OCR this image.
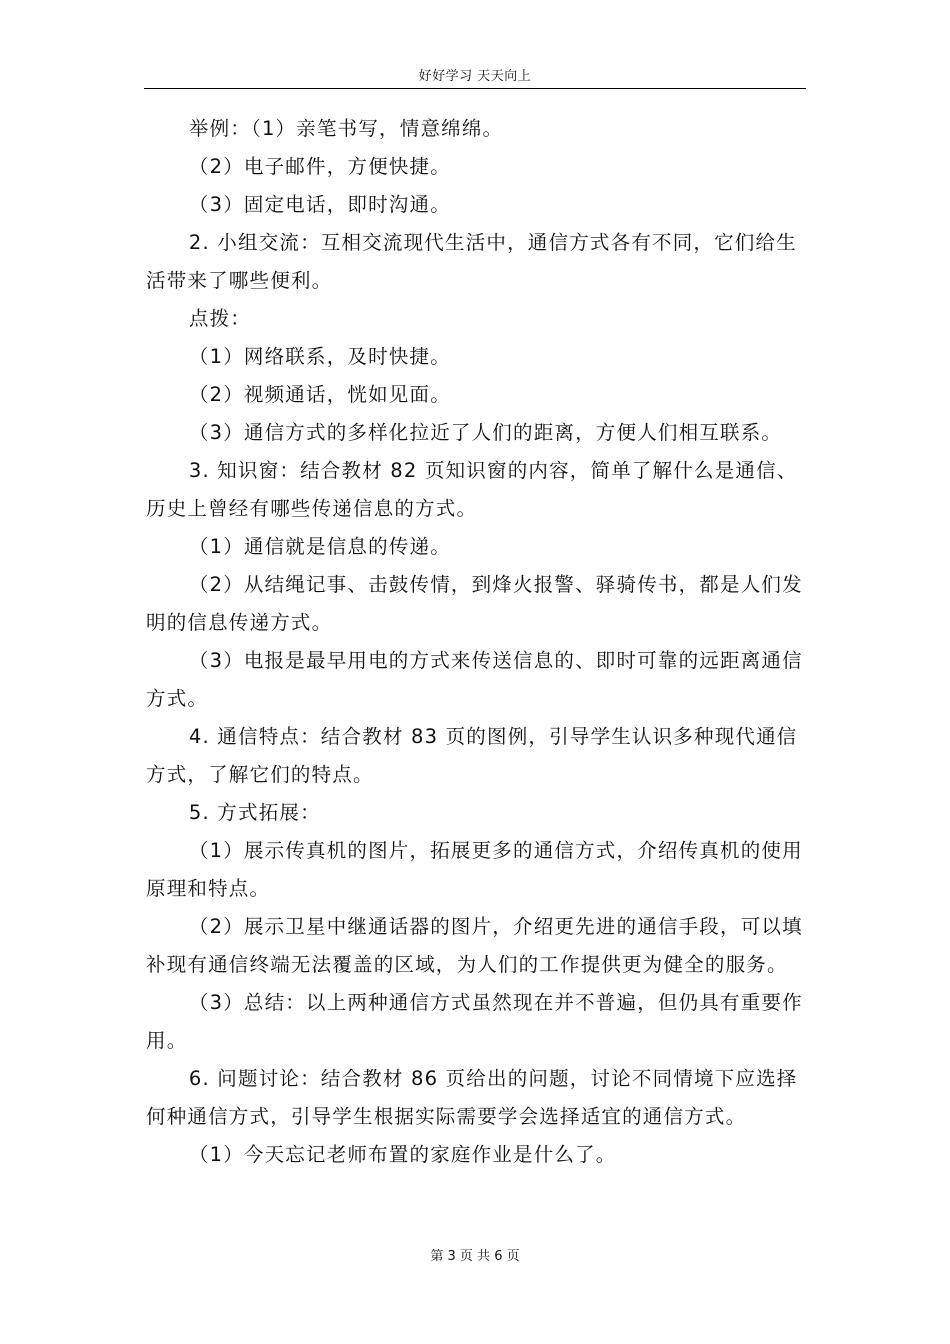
好好学习 天天向上

举例：（1）亲笔书写，情意绵绵。

（2）电子邮件，方便快捷。

（3）固定电话，即时沟通。

2. 小组交流：互相交流现代生活中，通信方式各有不同，它们给生活带来了哪些便利。

点拨：

（1）网络联系，及时快捷。

（2）视频通话，恍如见面。

（3）通信方式的多样化拉近了人们的距离，方便人们相互联系。

3. 知识窗：结合教材 82 页知识窗的内容，简单了解什么是通信、历史上曾经有哪些传递信息的方式。

（1）通信就是信息的传递。

（2）从结绳记事、击鼓传情，到烽火报警、驿骑传书，都是人们发明的信息传递方式。

（3）电报是最早用电的方式来传送信息的、即时可靠的远距离通信方式。

4. 通信特点：结合教材 83 页的图例，引导学生认识多种现代通信方式，了解它们的特点。

5. 方式拓展：

（1）展示传真机的图片，拓展更多的通信方式，介绍传真机的使用原理和特点。

（2）展示卫星中继通话器的图片，介绍更先进的通信手段，可以填补现有通信终端无法覆盖的区域，为人们的工作提供更为健全的服务。

（3）总结：以上两种通信方式虽然现在并不普遍，但仍具有重要作用。

6. 问题讨论：结合教材 86 页给出的问题，讨论不同情境下应选择何种通信方式，引导学生根据实际需要学会选择适宜的通信方式。

（1）今天忘记老师布置的家庭作业是什么了。

第 3 页 共 6 页
